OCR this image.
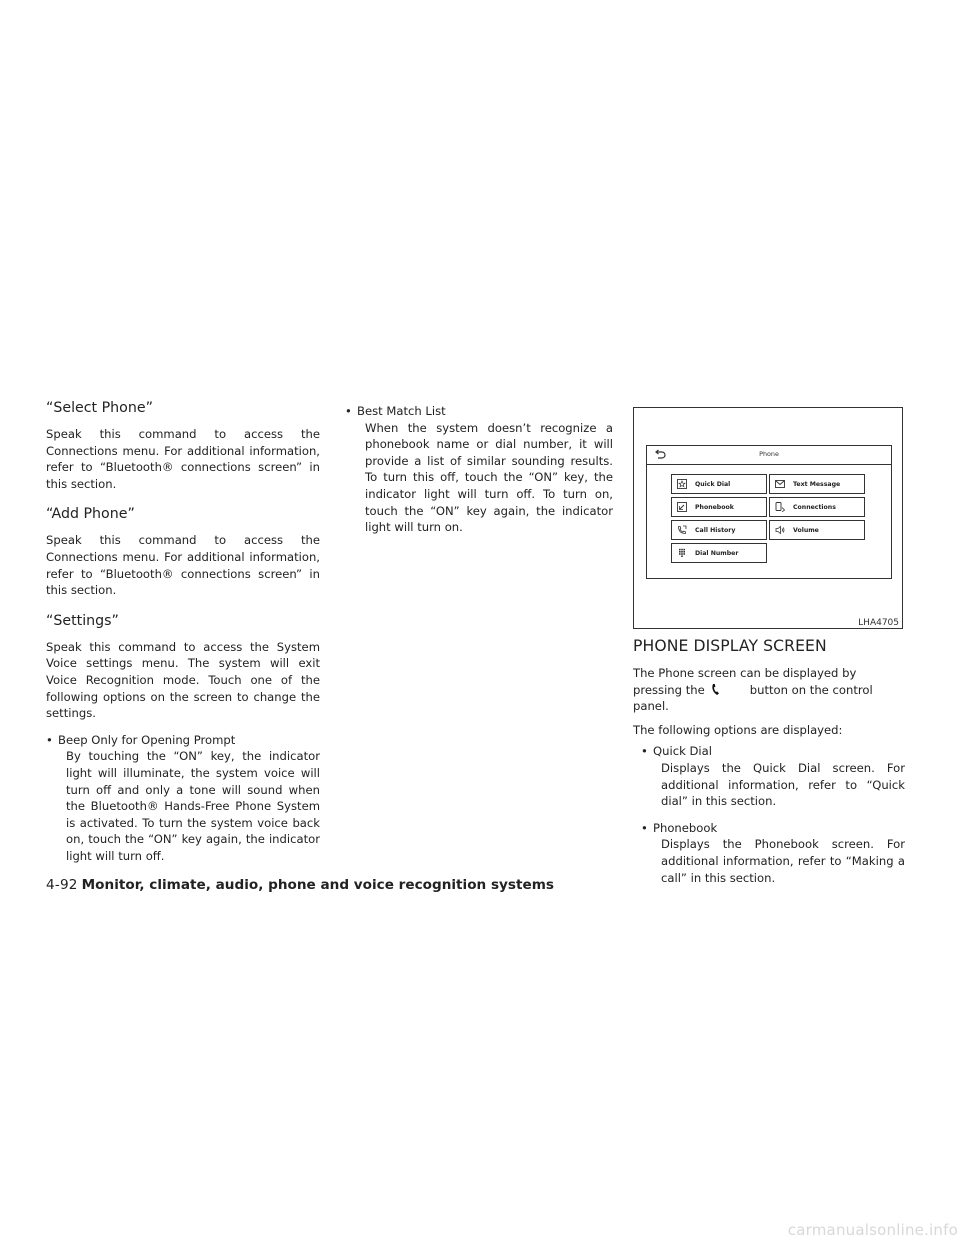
“Select Phone”

Speak this command to access the Connections menu. For additional information, refer to “Bluetooth® connections screen” in this section.

“Add Phone”

Speak this command to access the Connections menu. For additional information, refer to “Bluetooth® connections screen” in this section.

“Settings”

Speak this command to access the System Voice settings menu. The system will exit Voice Recognition mode. Touch one of the following options on the screen to change the settings.

• Beep Only for Opening Prompt
By touching the “ON” key, the indicator light will illuminate, the system voice will turn off and only a tone will sound when the Bluetooth® Hands-Free Phone System is activated. To turn the system voice back on, touch the “ON” key again, the indicator light will turn off.
• Best Match List
When the system doesn’t recognize a phonebook name or dial number, it will provide a list of similar sounding results. To turn this off, touch the “ON” key, the indicator light will turn off. To turn on, touch the “ON” key again, the indicator light will turn on.
Phone
Quick Dial	Text Message
Phonebook	Connections
Call History	Volume
Dial Number
LHA4705
PHONE DISPLAY SCREEN

The Phone screen can be displayed by pressing the	button on the control panel.

The following options are displayed:

• Quick Dial
Displays the Quick Dial screen. For additional information, refer to “Quick dial” in this section.
• Phonebook
Displays the Phonebook screen. For additional information, refer to “Making a call” in this section.
4-92 Monitor, climate, audio, phone and voice recognition systems
carmanualsonline.info
